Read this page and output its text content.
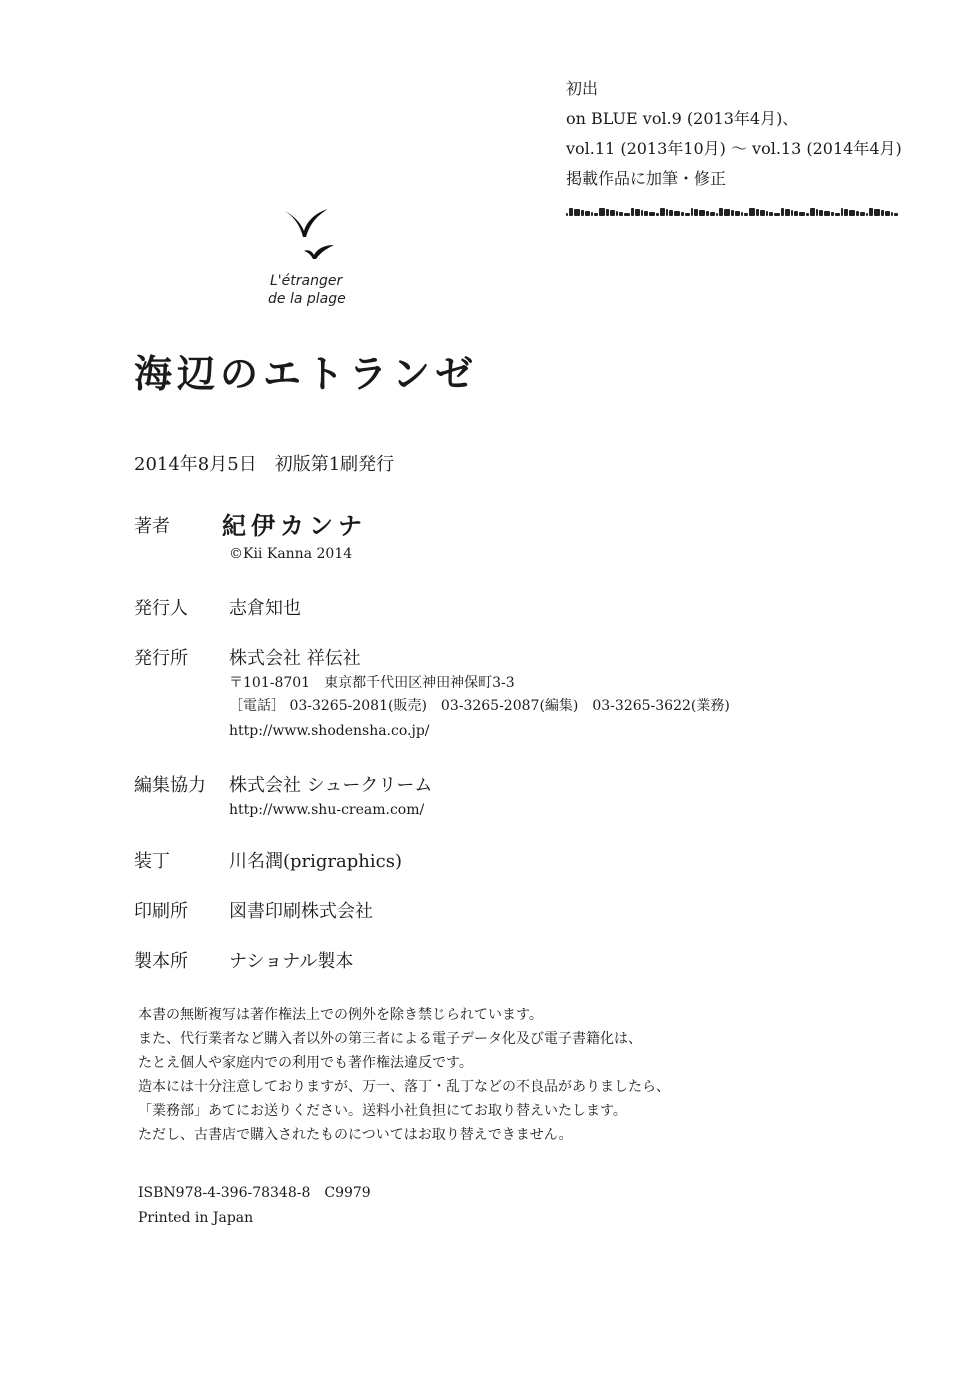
初出
on BLUE vol.9 (2013年4月)、
vol.11 (2013年10月) ～ vol.13 (2014年4月)
掲載作品に加筆・修正
L'étranger
de la plage
海辺のエトランゼ
2014年8月5日　初版第1刷発行
著者 紀伊カンナ
©Kii Kanna 2014
発行人 志倉知也
発行所 株式会社 祥伝社
〒101-8701　東京都千代田区神田神保町3-3
［電話］ 03-3265-2081(販売)　03-3265-2087(編集)　03-3265-3622(業務)
http://www.shodensha.co.jp/
編集協力 株式会社 シュークリーム
http://www.shu-cream.com/
装丁	川名潤(prigraphics)
印刷所 図書印刷株式会社
製本所 ナショナル製本
本書の無断複写は著作権法上での例外を除き禁じられています。
また、代行業者など購入者以外の第三者による電子データ化及び電子書籍化は、
たとえ個人や家庭内での利用でも著作権法違反です。
造本には十分注意しておりますが、万一、落丁・乱丁などの不良品がありましたら、
「業務部」あてにお送りください。送料小社負担にてお取り替えいたします。
ただし、古書店で購入されたものについてはお取り替えできません。
ISBN978-4-396-78348-8　C9979
Printed in Japan
